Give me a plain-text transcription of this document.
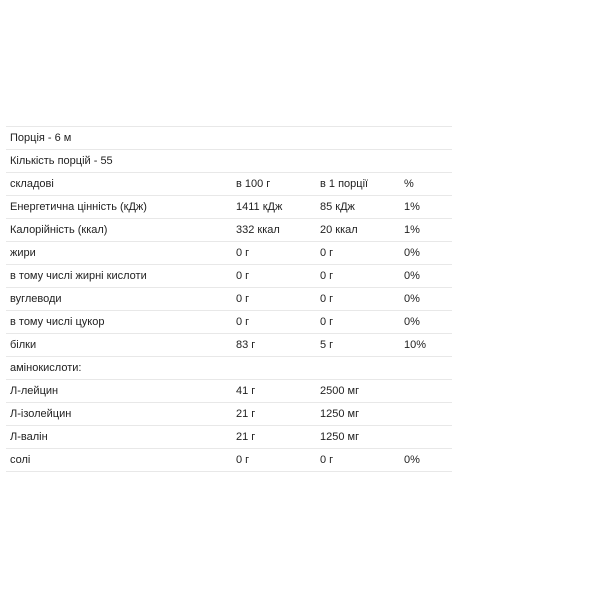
Порція - 6 м			
Кількість порцій - 55			
складові	в 100 г	в 1 порції	%
Енергетична цінність (кДж)	1411 кДж	85 кДж	1%
Калорійність (ккал)	332 ккал	20 ккал	1%
жири	0 г	0 г	0%
в тому числі жирні кислоти	0 г	0 г	0%
вуглеводи	0 г	0 г	0%
в тому числі цукор	0 г	0 г	0%
білки	83 г	5 г	10%
амінокислоти:			
Л-лейцин	41 г	2500 мг	
Л-ізолейцин	21 г	1250 мг	
Л-валін	21 г	1250 мг	
солі	0 г	0 г	0%
